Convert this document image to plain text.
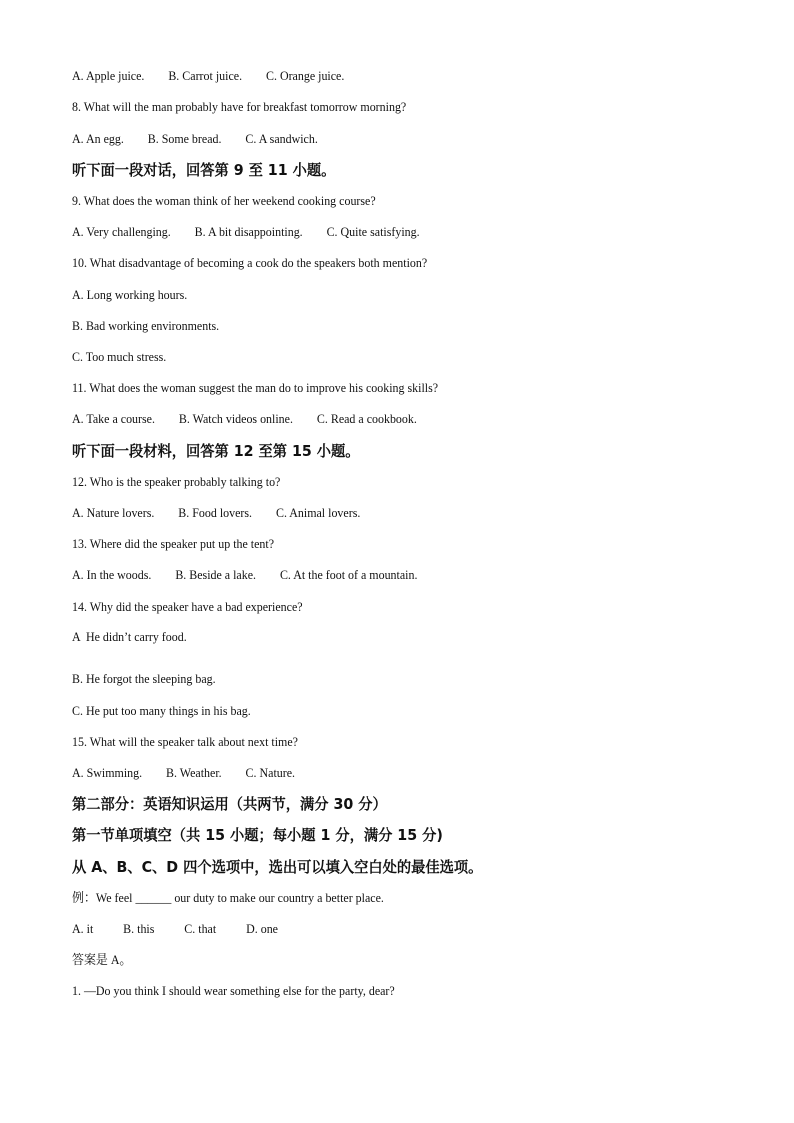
A. Apple juice.        B. Carrot juice.        C. Orange juice.
8. What will the man probably have for breakfast tomorrow morning?
A. An egg.        B. Some bread.        C. A sandwich.
听下面一段对话，回答第 9 至 11 小题。
9. What does the woman think of her weekend cooking course?
A. Very challenging.        B. A bit disappointing.        C. Quite satisfying.
10. What disadvantage of becoming a cook do the speakers both mention?
A. Long working hours.
B. Bad working environments.
C. Too much stress.
11. What does the woman suggest the man do to improve his cooking skills?
A. Take a course.        B. Watch videos online.        C. Read a cookbook.
听下面一段材料，回答第 12 至第 15 小题。
12. Who is the speaker probably talking to?
A. Nature lovers.        B. Food lovers.        C. Animal lovers.
13. Where did the speaker put up the tent?
A. In the woods.        B. Beside a lake.        C. At the foot of a mountain.
14. Why did the speaker have a bad experience?
A  He didn’t carry food.
B. He forgot the sleeping bag.
C. He put too many things in his bag.
15. What will the speaker talk about next time?
A. Swimming.        B. Weather.        C. Nature.
第二部分：英语知识运用（共两节，满分 30 分）
第一节单项填空（共 15 小题；每小题 1 分，满分 15 分)
从 A、B、C、D 四个选项中，选出可以填入空白处的最佳选项。
例：We feel ______ our duty to make our country a better place.
A. it          B. this          C. that          D. one
答案是 A。
1. —Do you think I should wear something else for the party, dear?
